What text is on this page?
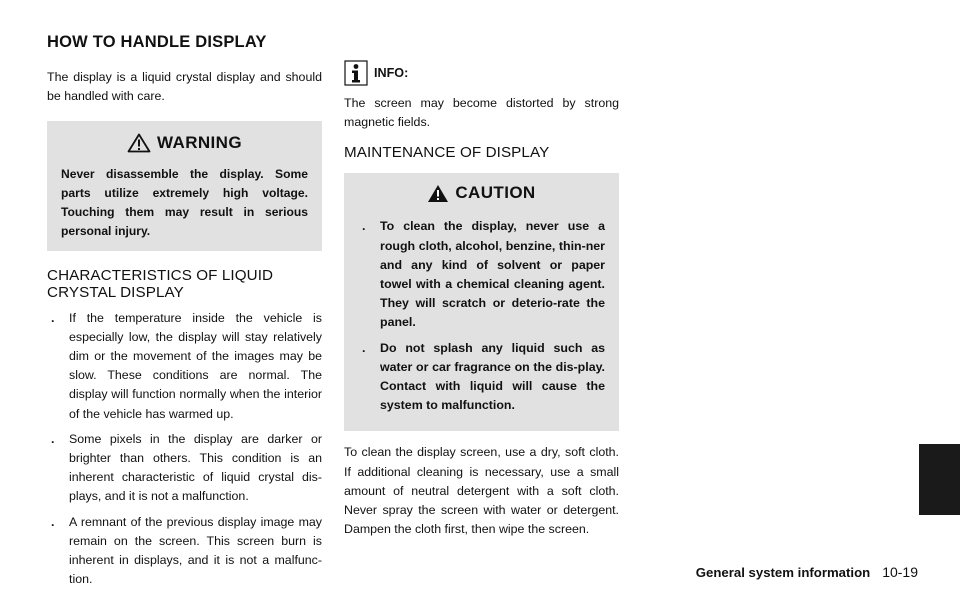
HOW TO HANDLE DISPLAY

The display is a liquid crystal display and should be handled with care.

WARNING
Never disassemble the display. Some parts utilize extremely high voltage. Touching them may result in serious personal injury.
CHARACTERISTICS OF LIQUID
CRYSTAL DISPLAY
. If the temperature inside the vehicle is especially low, the display will stay relatively dim or the movement of the images may be slow. These conditions are normal. The display will function normally when the interior of the vehicle has warmed up.
. Some pixels in the display are darker or brighter than others. This condition is an inherent characteristic of liquid crystal dis-plays, and it is not a malfunction.
. A remnant of the previous display image may remain on the screen. This screen burn is inherent in displays, and it is not a malfunc-tion.
INFO:

The screen may become distorted by strong magnetic fields.

MAINTENANCE OF DISPLAY
CAUTION
. To clean the display, never use a rough cloth, alcohol, benzine, thin-ner and any kind of solvent or paper towel with a chemical cleaning agent. They will scratch or deterio-rate the panel.
. Do not splash any liquid such as water or car fragrance on the dis-play. Contact with liquid will cause the system to malfunction.

To clean the display screen, use a dry, soft cloth. If additional cleaning is necessary, use a small amount of neutral detergent with a soft cloth. Never spray the screen with water or detergent. Dampen the cloth first, then wipe the screen.

General system information 10-19
